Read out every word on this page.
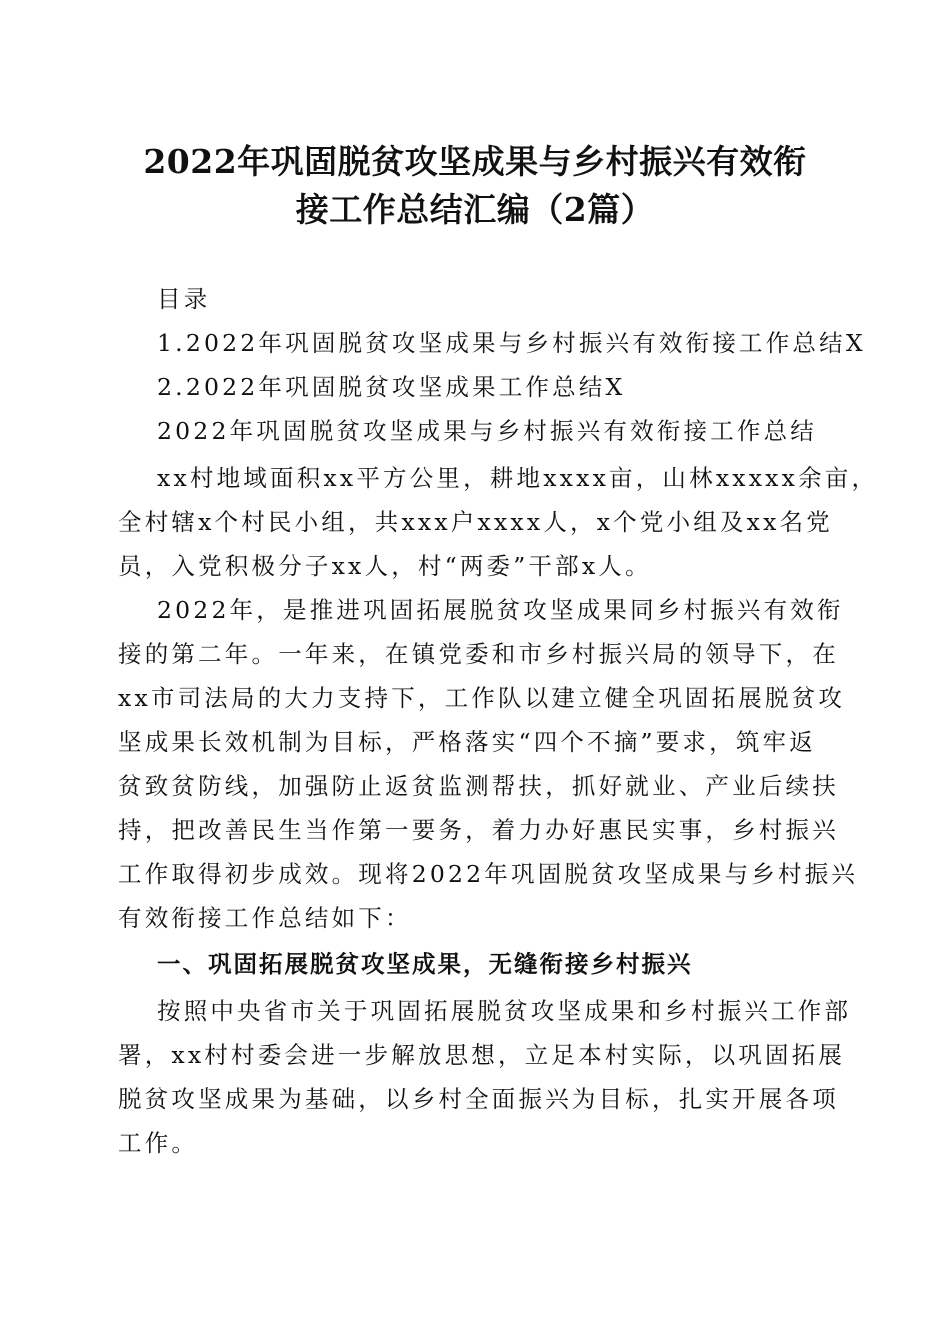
2022年巩固脱贫攻坚成果与乡村振兴有效衔
接工作总结汇编（2篇）
目录
1.2022年巩固脱贫攻坚成果与乡村振兴有效衔接工作总结X
2.2022年巩固脱贫攻坚成果工作总结X
2022年巩固脱贫攻坚成果与乡村振兴有效衔接工作总结
xx村地域面积xx平方公里，耕地xxxx亩，山林xxxxx余亩，
全村辖x个村民小组，共xxx户xxxx人，x个党小组及xx名党
员，入党积极分子xx人，村“两委”干部x人。
2022年，是推进巩固拓展脱贫攻坚成果同乡村振兴有效衔
接的第二年。一年来，在镇党委和市乡村振兴局的领导下，在
xx市司法局的大力支持下，工作队以建立健全巩固拓展脱贫攻
坚成果长效机制为目标，严格落实“四个不摘”要求，筑牢返
贫致贫防线，加强防止返贫监测帮扶，抓好就业、产业后续扶
持，把改善民生当作第一要务，着力办好惠民实事，乡村振兴
工作取得初步成效。现将2022年巩固脱贫攻坚成果与乡村振兴
有效衔接工作总结如下：
一、巩固拓展脱贫攻坚成果，无缝衔接乡村振兴
按照中央省市关于巩固拓展脱贫攻坚成果和乡村振兴工作部
署，xx村村委会进一步解放思想，立足本村实际，以巩固拓展
脱贫攻坚成果为基础，以乡村全面振兴为目标，扎实开展各项
工作。
